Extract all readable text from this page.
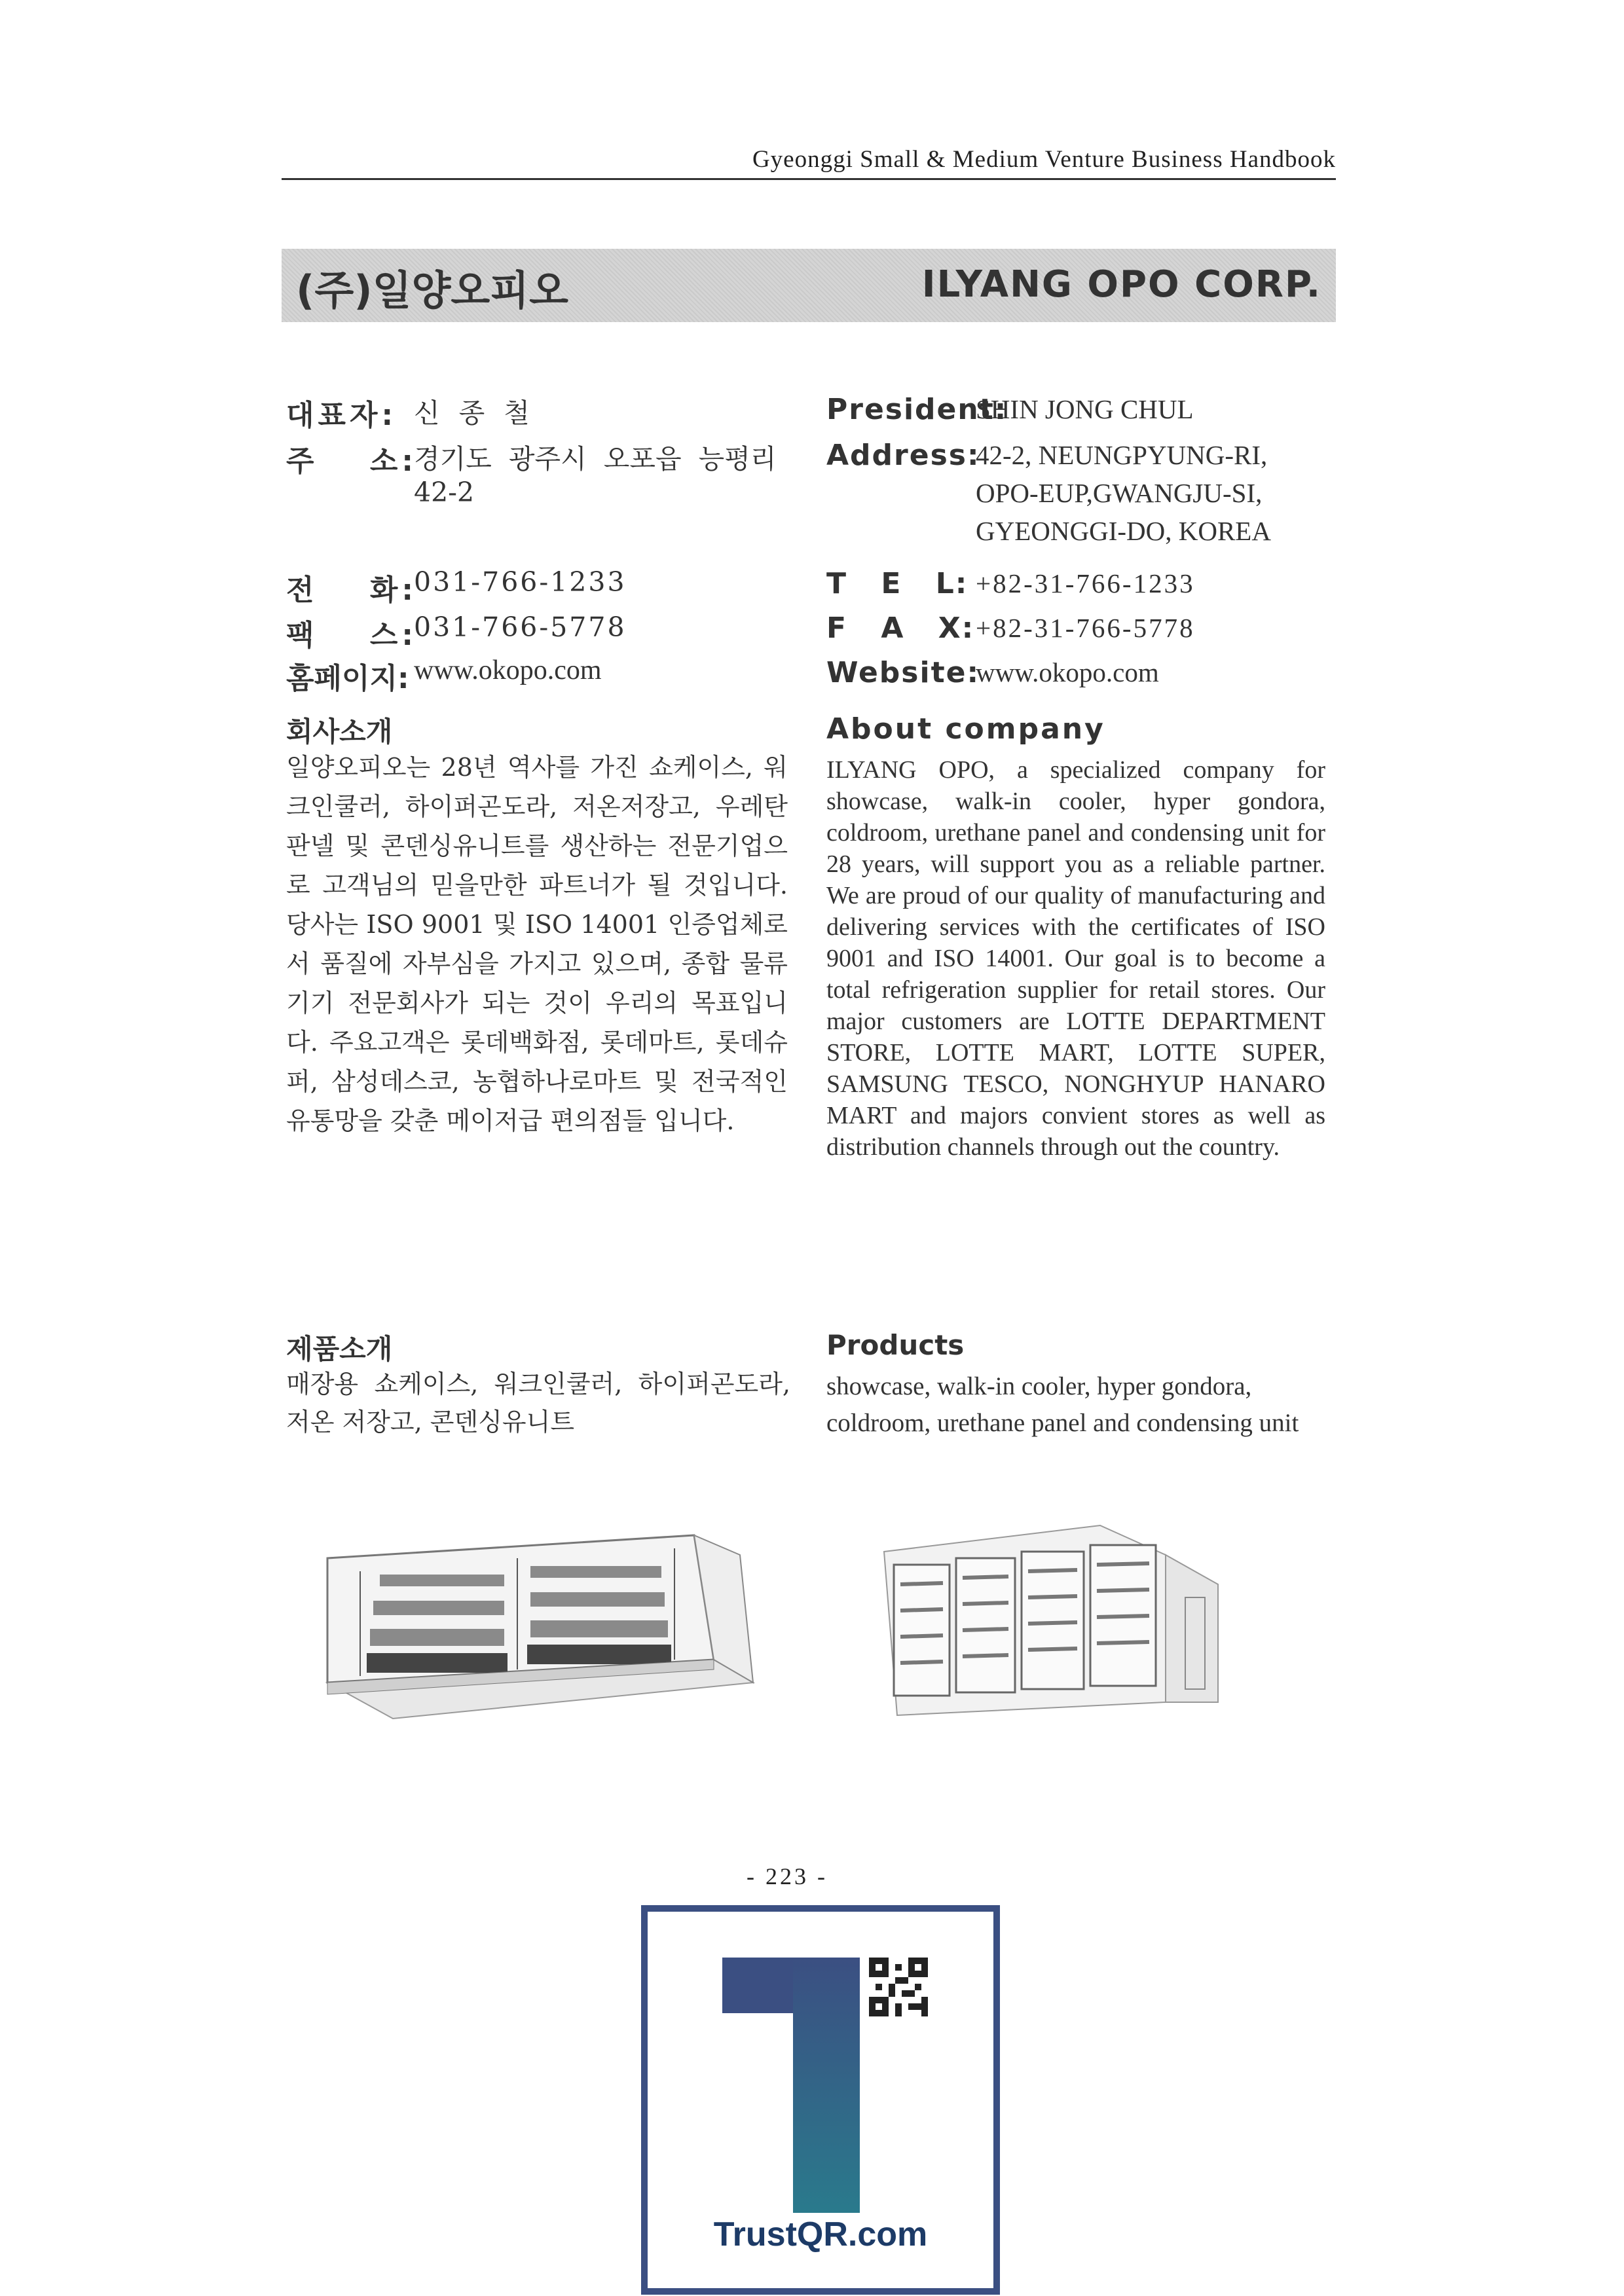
Gyeonggi Small & Medium Venture Business Handbook
(주)일양오피오	ILYANG OPO CORP.
대표자: 신 종 철
주 소:
경기도  광주시  오포읍  능평리
42-2
전 화:
031-766-1233
팩 스:
031-766-5778
홈페이지: www.okopo.com
President:
SHIN JONG CHUL
Address:
42-2, NEUNGPYUNG-RI,
OPO-EUP,GWANGJU-SI,
GYEONGGI-DO, KOREA
T E L: +82-31-766-1233
F A X: +82-31-766-5778
Website:
www.okopo.com
회사소개
일양오피오는 28년 역사를 가진 쇼케이스, 워크인쿨러, 하이퍼곤도라, 저온저장고, 우레탄판넬 및 콘덴싱유니트를 생산하는 전문기업으로 고객님의 믿을만한 파트너가 될 것입니다. 당사는 ISO 9001 및 ISO 14001 인증업체로서 품질에 자부심을 가지고 있으며, 종합 물류기기 전문회사가 되는 것이 우리의 목표입니다. 주요고객은 롯데백화점, 롯데마트, 롯데슈퍼, 삼성데스코, 농협하나로마트 및 전국적인 유통망을 갖춘 메이저급 편의점들 입니다.
About company
ILYANG OPO, a specialized company for showcase, walk-in cooler, hyper gondora, coldroom, urethane panel and condensing unit for 28 years, will support you as a reliable partner. We are proud of our quality of manufacturing and delivering services with the certificates of ISO 9001 and ISO 14001. Our goal is to become a total refrigeration supplier for retail stores. Our major customers are LOTTE DEPARTMENT STORE, LOTTE MART, LOTTE SUPER, SAMSUNG TESCO, NONGHYUP HANARO MART and majors convient stores as well as distribution channels through out the country.
제품소개
매장용 쇼케이스, 워크인쿨러, 하이퍼곤도라, 저온 저장고, 콘덴싱유니트
Products
showcase, walk-in cooler, hyper gondora,
coldroom, urethane panel and condensing unit
- 223 -
TrustQR.com
